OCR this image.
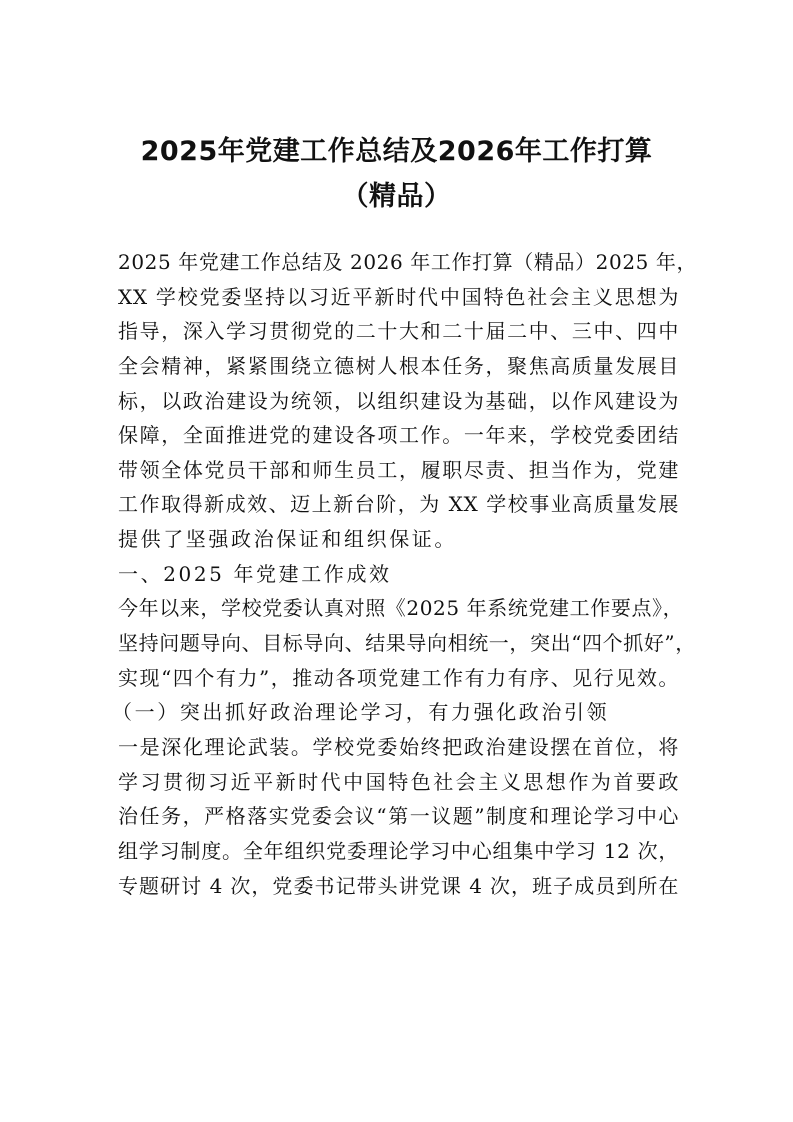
2025年党建工作总结及2026年工作打算
（精品）
2025 年党建工作总结及 2026 年工作打算（精品）2025 年，
XX 学校党委坚持以习近平新时代中国特色社会主义思想为
指导，深入学习贯彻党的二十大和二十届二中、三中、四中
全会精神，紧紧围绕立德树人根本任务，聚焦高质量发展目
标，以政治建设为统领，以组织建设为基础，以作风建设为
保障，全面推进党的建设各项工作。一年来，学校党委团结
带领全体党员干部和师生员工，履职尽责、担当作为，党建
工作取得新成效、迈上新台阶，为 XX 学校事业高质量发展
提供了坚强政治保证和组织保证。
一、2025 年党建工作成效
今年以来，学校党委认真对照《2025 年系统党建工作要点》，
坚持问题导向、目标导向、结果导向相统一，突出“四个抓好”，
实现“四个有力”，推动各项党建工作有力有序、见行见效。
（一）突出抓好政治理论学习，有力强化政治引领
一是深化理论武装。学校党委始终把政治建设摆在首位，将
学习贯彻习近平新时代中国特色社会主义思想作为首要政
治任务，严格落实党委会议“第一议题”制度和理论学习中心
组学习制度。全年组织党委理论学习中心组集中学习 12 次，
专题研讨 4 次，党委书记带头讲党课 4 次，班子成员到所在
